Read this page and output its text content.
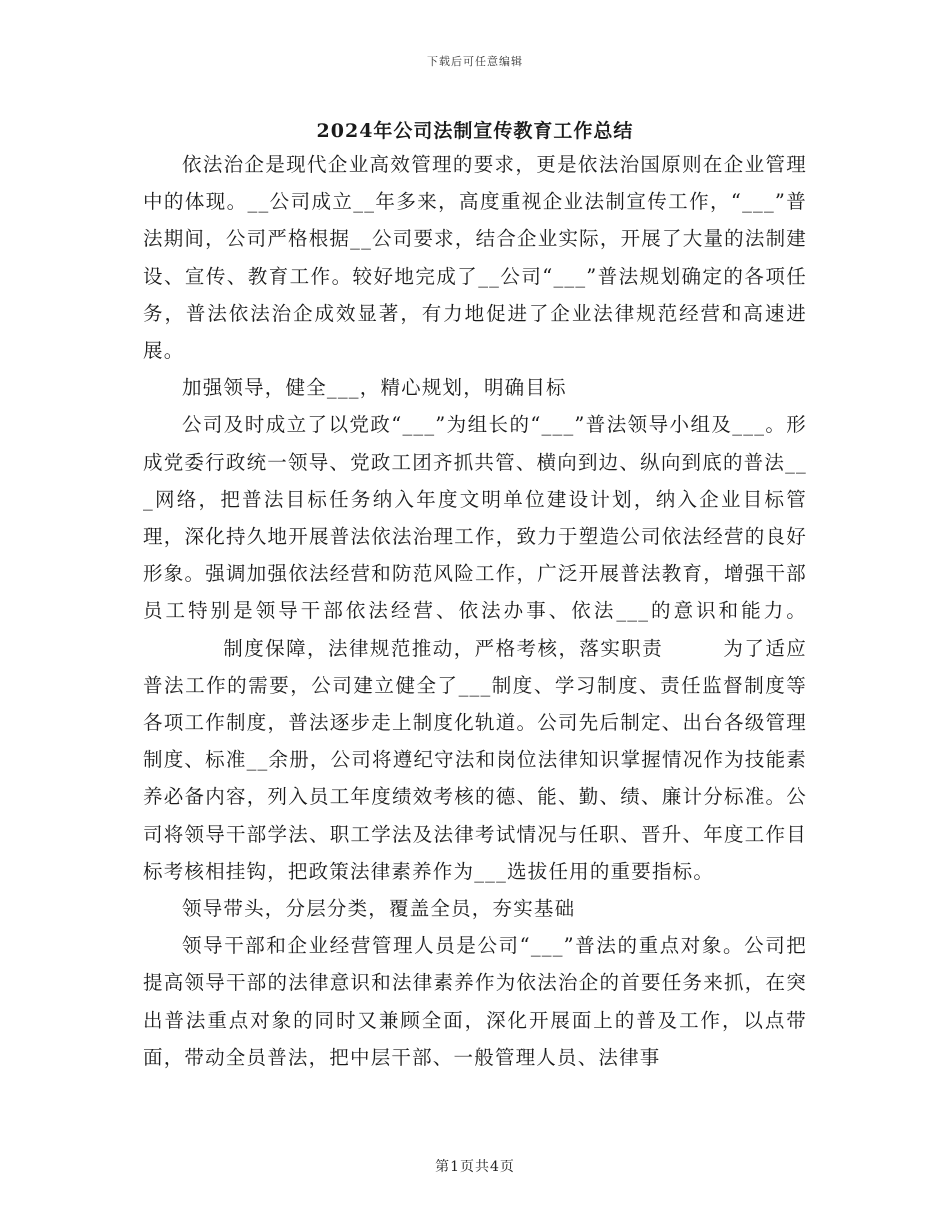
下载后可任意编辑
2024年公司法制宣传教育工作总结

依法治企是现代企业高效管理的要求，更是依法治国原则在企业管理中的体现。__公司成立__年多来，高度重视企业法制宣传工作，“___”普法期间，公司严格根据__公司要求，结合企业实际，开展了大量的法制建设、宣传、教育工作。较好地完成了__公司“___”普法规划确定的各项任务，普法依法治企成效显著，有力地促进了企业法律规范经营和高速进展。

加强领导，健全___，精心规划，明确目标

公司及时成立了以党政“___”为组长的“___”普法领导小组及___。形成党委行政统一领导、党政工团齐抓共管、横向到边、纵向到底的普法___网络，把普法目标任务纳入年度文明单位建设计划，纳入企业目标管理，深化持久地开展普法依法治理工作，致力于塑造公司依法经营的良好形象。强调加强依法经营和防范风险工作，广泛开展普法教育，增强干部员工特别是领导干部依法经营、依法办事、依法___的意识和能力。制度保障，法律规范推动，严格考核，落实职责	为了适应普法工作的需要，公司建立健全了___制度、学习制度、责任监督制度等各项工作制度，普法逐步走上制度化轨道。公司先后制定、出台各级管理制度、标准__余册，公司将遵纪守法和岗位法律知识掌握情况作为技能素养必备内容，列入员工年度绩效考核的德、能、勤、绩、廉计分标准。公司将领导干部学法、职工学法及法律考试情况与任职、晋升、年度工作目标考核相挂钩，把政策法律素养作为___选拔任用的重要指标。

领导带头，分层分类，覆盖全员，夯实基础

领导干部和企业经营管理人员是公司“___”普法的重点对象。公司把提高领导干部的法律意识和法律素养作为依法治企的首要任务来抓，在突出普法重点对象的同时又兼顾全面，深化开展面上的普及工作，以点带面，带动全员普法，把中层干部、一般管理人员、法律事

第1页共4页
